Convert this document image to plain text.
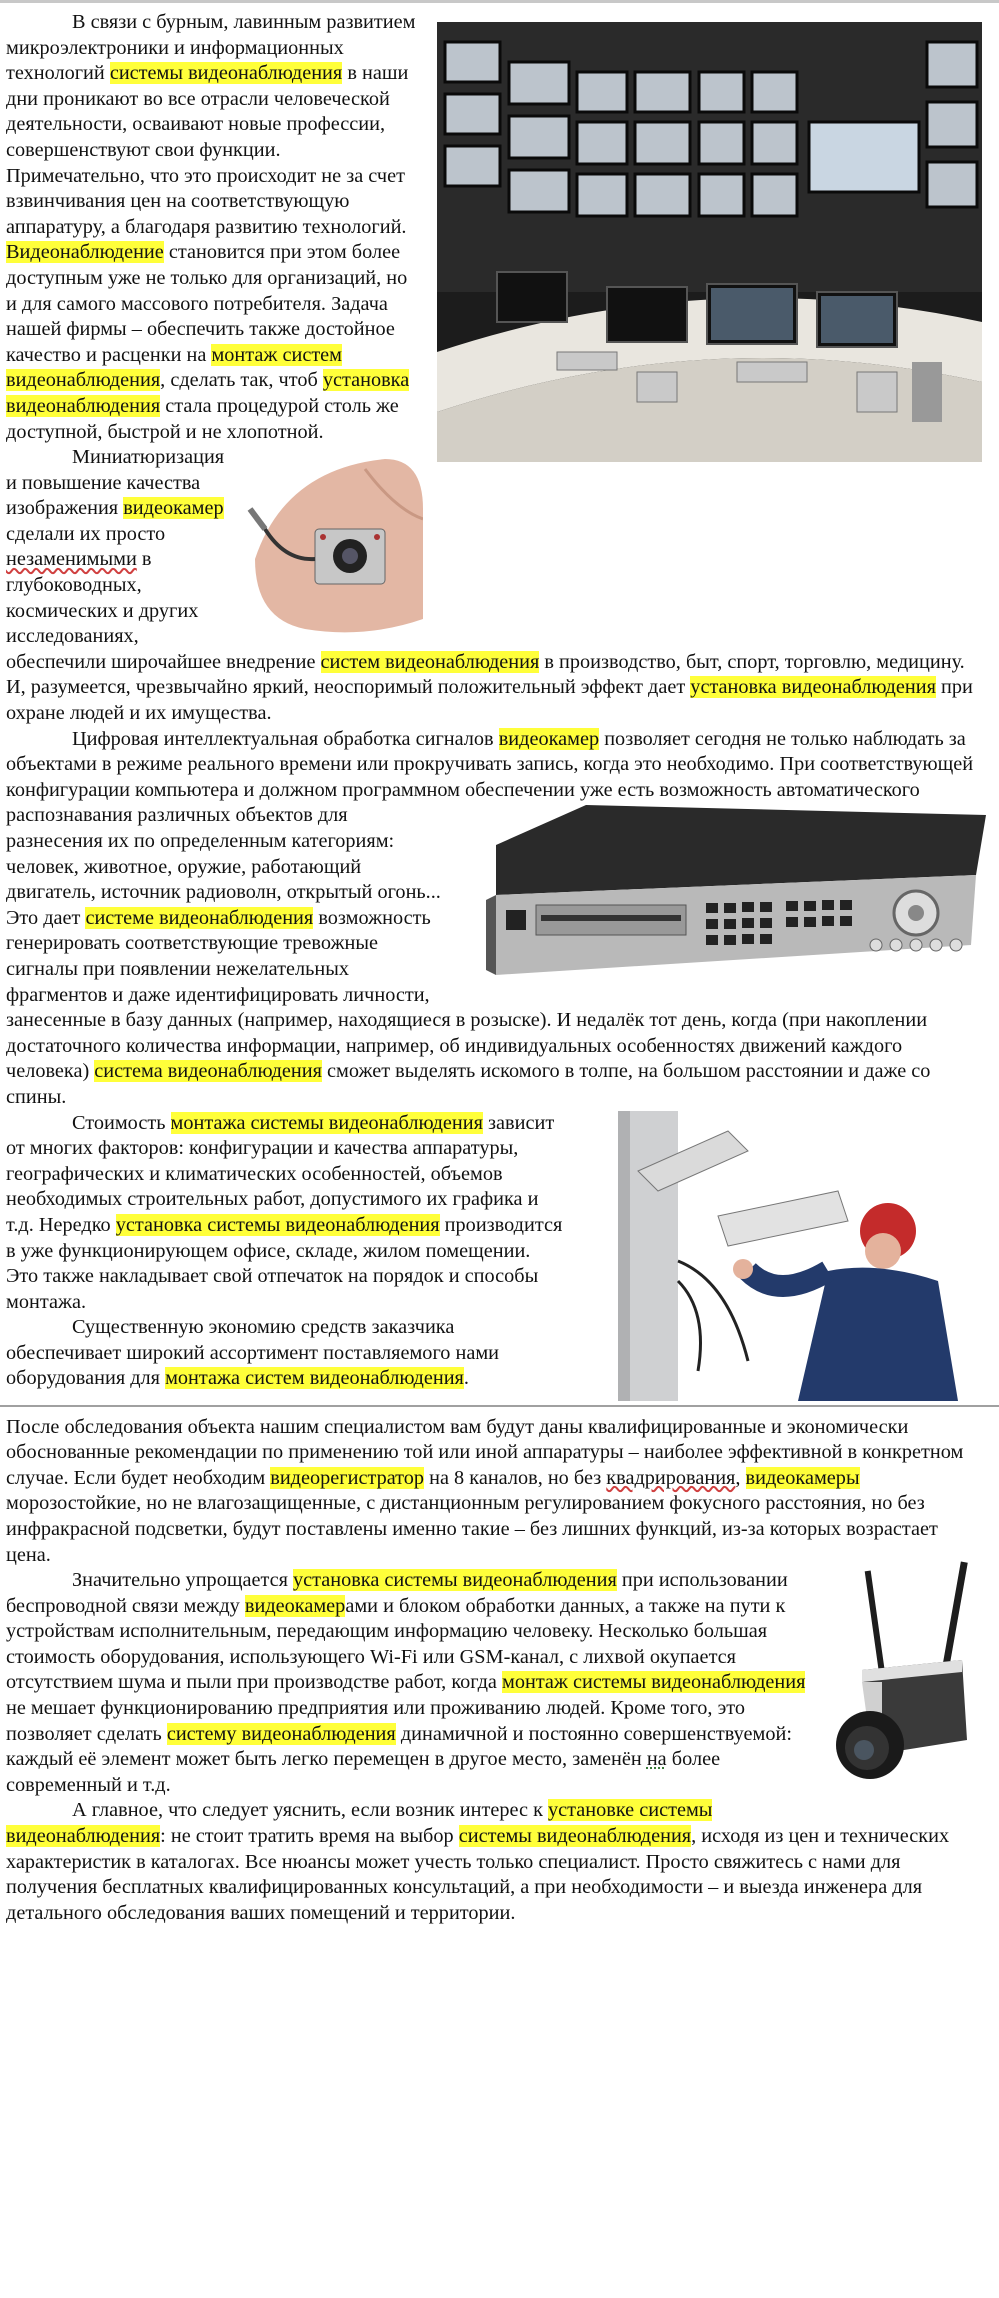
В связи с бурным, лавинным развитием микроэлектроники и информационных технологий системы видеонаблюдения в наши дни проникают во все отрасли человеческой деятельности, осваивают новые профессии, совершенствуют свои функции. Примечательно, что это происходит не за счет взвинчивания цен на соответствующую аппаратуру, а благодаря развитию технологий. Видеонаблюдение становится при этом более доступным уже не только для организаций, но и для самого массового потребителя. Задача нашей фирмы – обеспечить также достойное качество и расценки на монтаж систем видеонаблюдения, сделать так, чтоб установка видеонаблюдения стала процедурой столь же доступной, быстрой и не хлопотной.

Миниатюризация и повышение качества изображения видеокамер сделали их просто незаменимыми в глубоководных, космических и других исследованиях, обеспечили широчайшее внедрение систем видеонаблюдения в производство, быт, спорт, торговлю, медицину. И, разумеется, чрезвычайно яркий, неоспоримый положительный эффект дает установка видеонаблюдения при охране людей и их имущества.

Цифровая интеллектуальная обработка сигналов видеокамер позволяет сегодня не только наблюдать за объектами в режиме реального времени или прокручивать запись, когда это необходимо. При соответствующей конфигурации компьютера и должном программном обеспечении
уже есть возможность автоматического распознавания различных объектов для разнесения их по определенным категориям: человек, животное, оружие, работающий двигатель, источник радиоволн, открытый огонь... Это дает системе видеонаблюдения возможность генерировать соответствующие тревожные сигналы при появлении нежелательных фрагментов и даже идентифицировать личности, занесенные в базу данных (например, находящиеся в розыске). И недалёк тот день, когда (при накоплении достаточного количества информации, например, об индивидуальных особенностях движений каждого человека) система видеонаблюдения сможет выделять искомого в толпе, на большом расстоянии и даже со спины.

Стоимость монтажа системы видеонаблюдения зависит от многих факторов: конфигурации и качества аппаратуры, географических и климатических особенностей, объемов необходимых строительных работ, допустимого их графика и т.д. Нередко установка системы видеонаблюдения производится в уже функционирующем офисе, складе, жилом помещении. Это также накладывает свой отпечаток на порядок и способы монтажа.

Существенную экономию средств заказчика обеспечивает широкий ассортимент поставляемого нами оборудования для монтажа систем видеонаблюдения.

После обследования объекта нашим специалистом вам будут даны квалифицированные и экономически обоснованные рекомендации по применению той или иной аппаратуры – наиболее эффективной в конкретном случае. Если будет необходим видеорегистратор на 8 каналов, но без квадрирования, видеокамеры морозостойкие, но не влагозащищенные, с дистанционным регулированием фокусного расстояния, но без инфракрасной подсветки, будут поставлены именно такие – без лишних функций, из-за которых возрастает цена.

Значительно упрощается установка системы видеонаблюдения при использовании беспроводной связи между видеокамерами и блоком обработки данных, а также на пути к устройствам исполнительным, передающим информацию человеку. Несколько большая стоимость оборудования, использующего Wi-Fi или GSM-канал, с лихвой окупается отсутствием шума и пыли при производстве работ, когда монтаж системы видеонаблюдения не мешает функционированию предприятия или проживанию людей. Кроме того, это позволяет сделать систему видеонаблюдения динамичной и постоянно совершенствуемой: каждый её элемент может быть легко перемещен в другое место, заменён на более современный и т.д.

А главное, что следует уяснить, если возник интерес к установке системы видеонаблюдения: не стоит тратить время на выбор системы видеонаблюдения, исходя из цен и технических характеристик в каталогах. Все нюансы может учесть только специалист. Просто свяжитесь с нами для получения бесплатных квалифицированных консультаций, а при необходимости – и выезда инженера для детального обследования ваших помещений и территории.
